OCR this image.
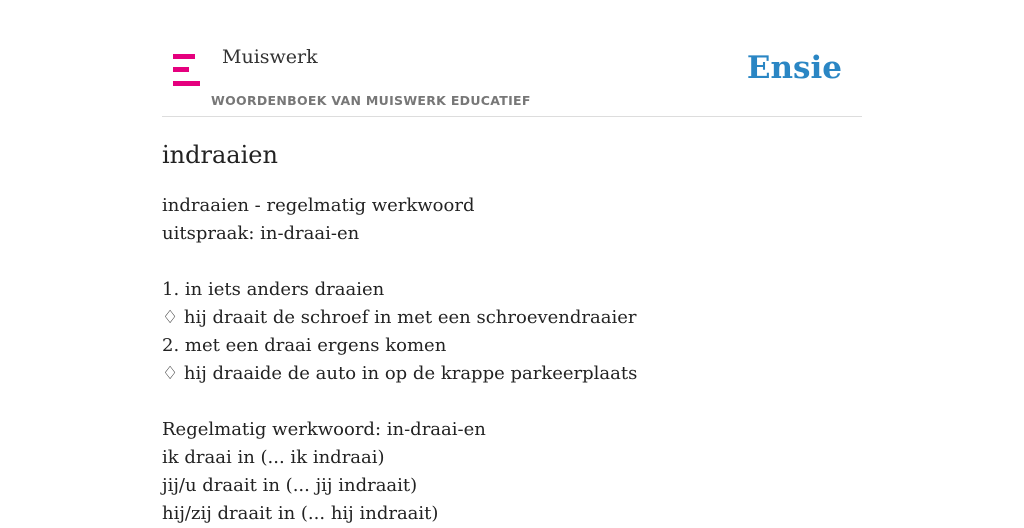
Muiswerk
WOORDENBOEK VAN MUISWERK EDUCATIEF
Ensie
indraaien
indraaien - regelmatig werkwoord
uitspraak: in-draai-en
1. in iets anders draaien
♢ hij draait de schroef in met een schroevendraaier
2. met een draai ergens komen
♢ hij draaide de auto in op de krappe parkeerplaats
Regelmatig werkwoord: in-draai-en
ik draai in (... ik indraai)
jij/u draait in (... jij indraait)
hij/zij draait in (... hij indraait)
